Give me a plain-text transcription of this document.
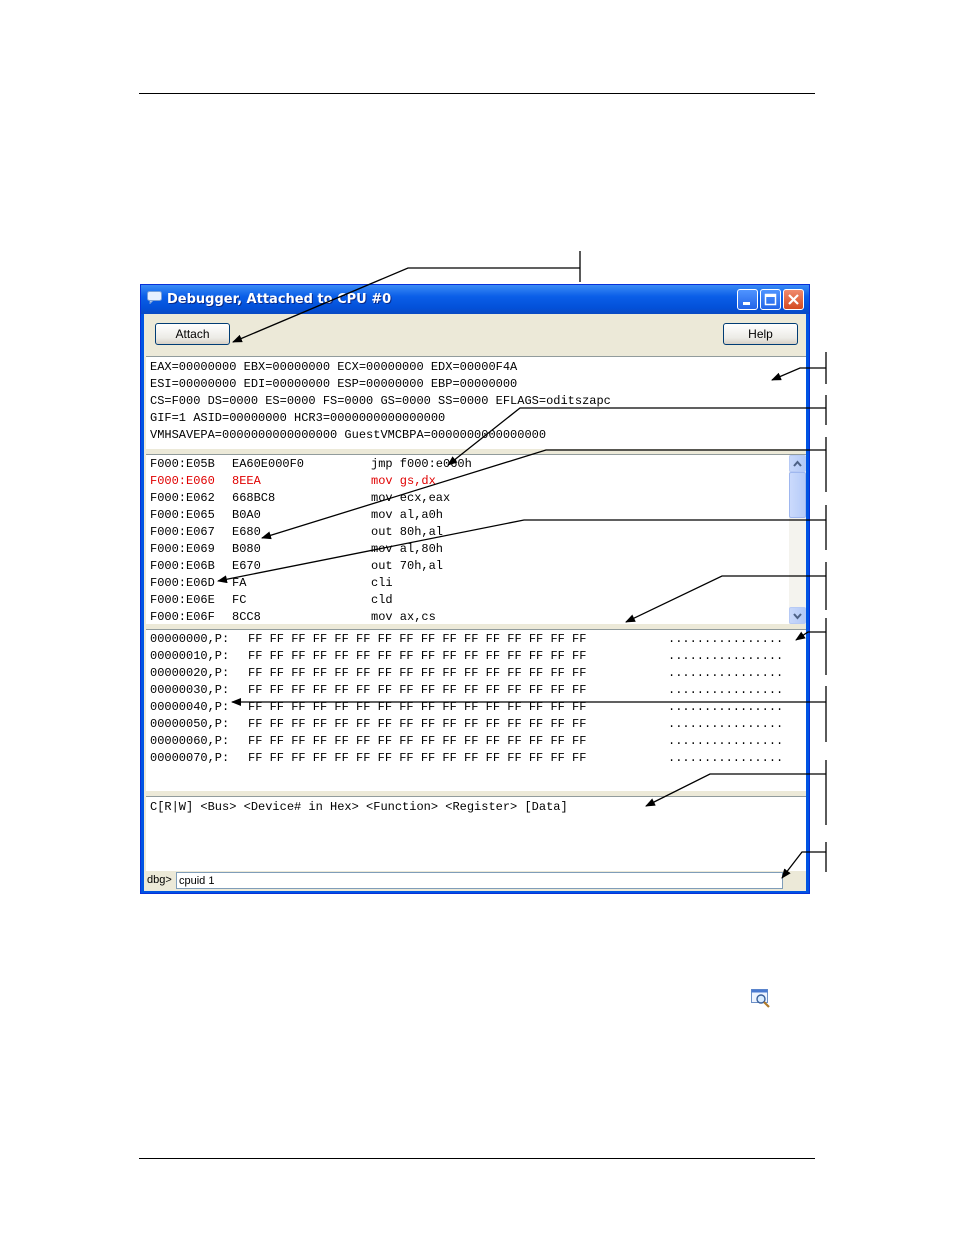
Debugger, Attached to CPU #0
Attach	Help
EAX=00000000 EBX=00000000 ECX=00000000 EDX=00000F4A
ESI=00000000 EDI=00000000 ESP=00000000 EBP=00000000
CS=F000 DS=0000 ES=0000 FS=0000 GS=0000 SS=0000 EFLAGS=oditszapc
GIF=1 ASID=00000000 HCR3=0000000000000000
VMHSAVEPA=0000000000000000 GuestVMCBPA=0000000000000000
F000:E05B EA60E000F0	jmp f000:e060h
F000:E060 8EEA	mov gs,dx
F000:E062 668BC8	mov ecx,eax
F000:E065 B0A0	mov al,a0h
F000:E067 E680	out 80h,al
F000:E069 B080	mov al,80h
F000:E06B E670	out 70h,al
F000:E06D FA	cli
F000:E06E FC	cld
F000:E06F 8CC8	mov ax,cs
00000000,P: FF FF FF FF FF FF FF FF FF FF FF FF FF FF FF FF	................
00000010,P: FF FF FF FF FF FF FF FF FF FF FF FF FF FF FF FF	................
00000020,P: FF FF FF FF FF FF FF FF FF FF FF FF FF FF FF FF	................
00000030,P: FF FF FF FF FF FF FF FF FF FF FF FF FF FF FF FF	................
00000040,P: FF FF FF FF FF FF FF FF FF FF FF FF FF FF FF FF	................
00000050,P: FF FF FF FF FF FF FF FF FF FF FF FF FF FF FF FF	................
00000060,P: FF FF FF FF FF FF FF FF FF FF FF FF FF FF FF FF	................
00000070,P: FF FF FF FF FF FF FF FF FF FF FF FF FF FF FF FF	................
C[R|W] <Bus> <Device# in Hex> <Function> <Register> [Data]
dbg>
cpuid 1
